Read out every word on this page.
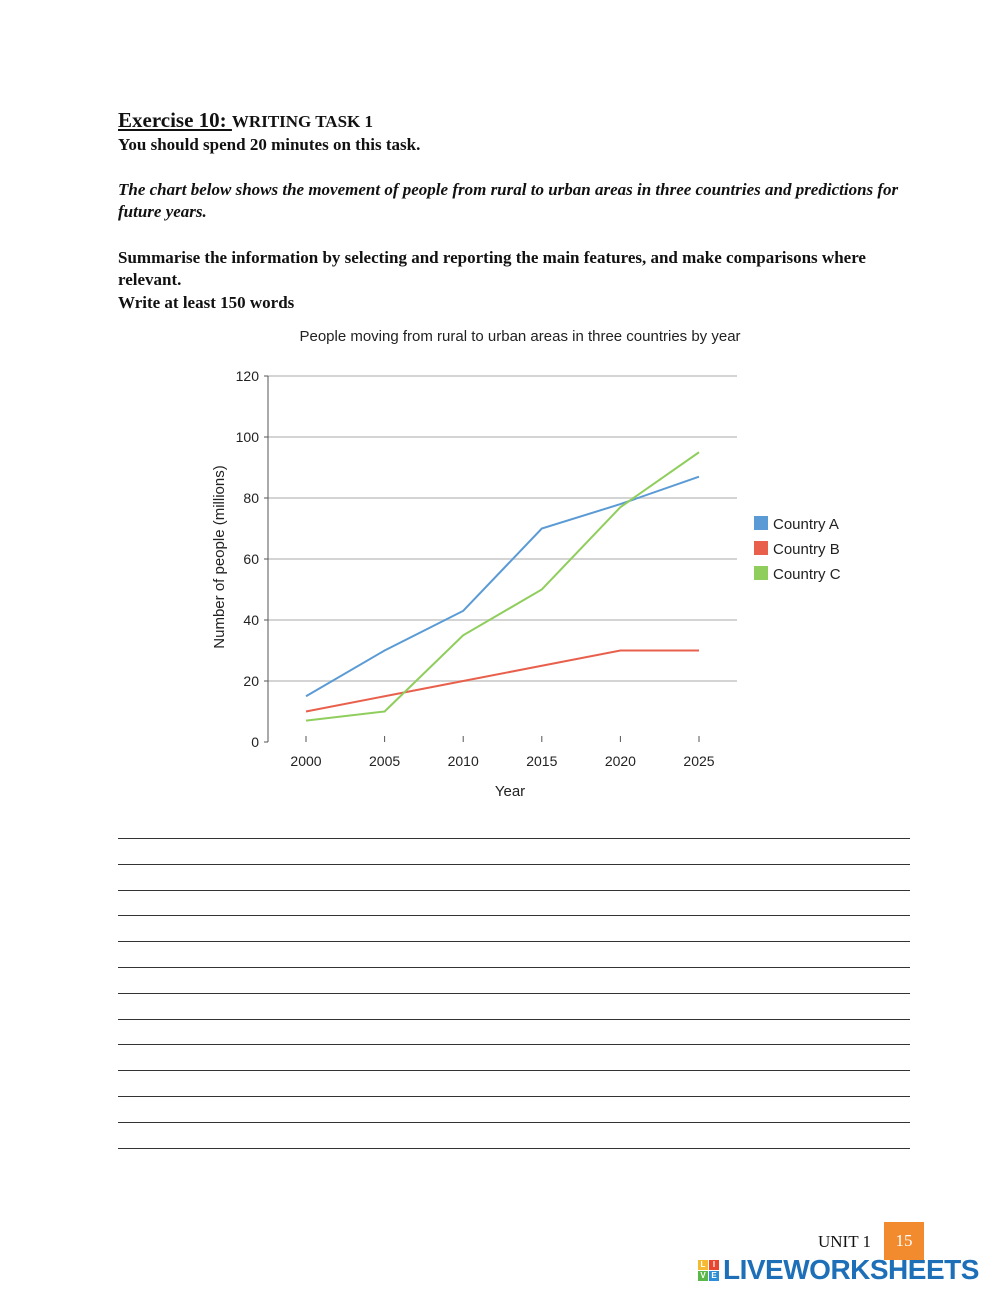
Exercise 10: WRITING TASK 1
You should spend 20 minutes on this task.
The chart below shows the movement of people from rural to urban areas in three countries and predictions for future years.
Summarise the information by selecting and reporting the main features, and make comparisons where relevant.
Write at least 150 words
0
20
40
60
80
100
120
2000	2005	2010	2015	2020	2025
Country A
Country B
Country C
People moving from rural to urban areas in three countries by year
Year
Number of people (millions)
UNIT 1	15
L I
V E LIVEWORKSHEETS
